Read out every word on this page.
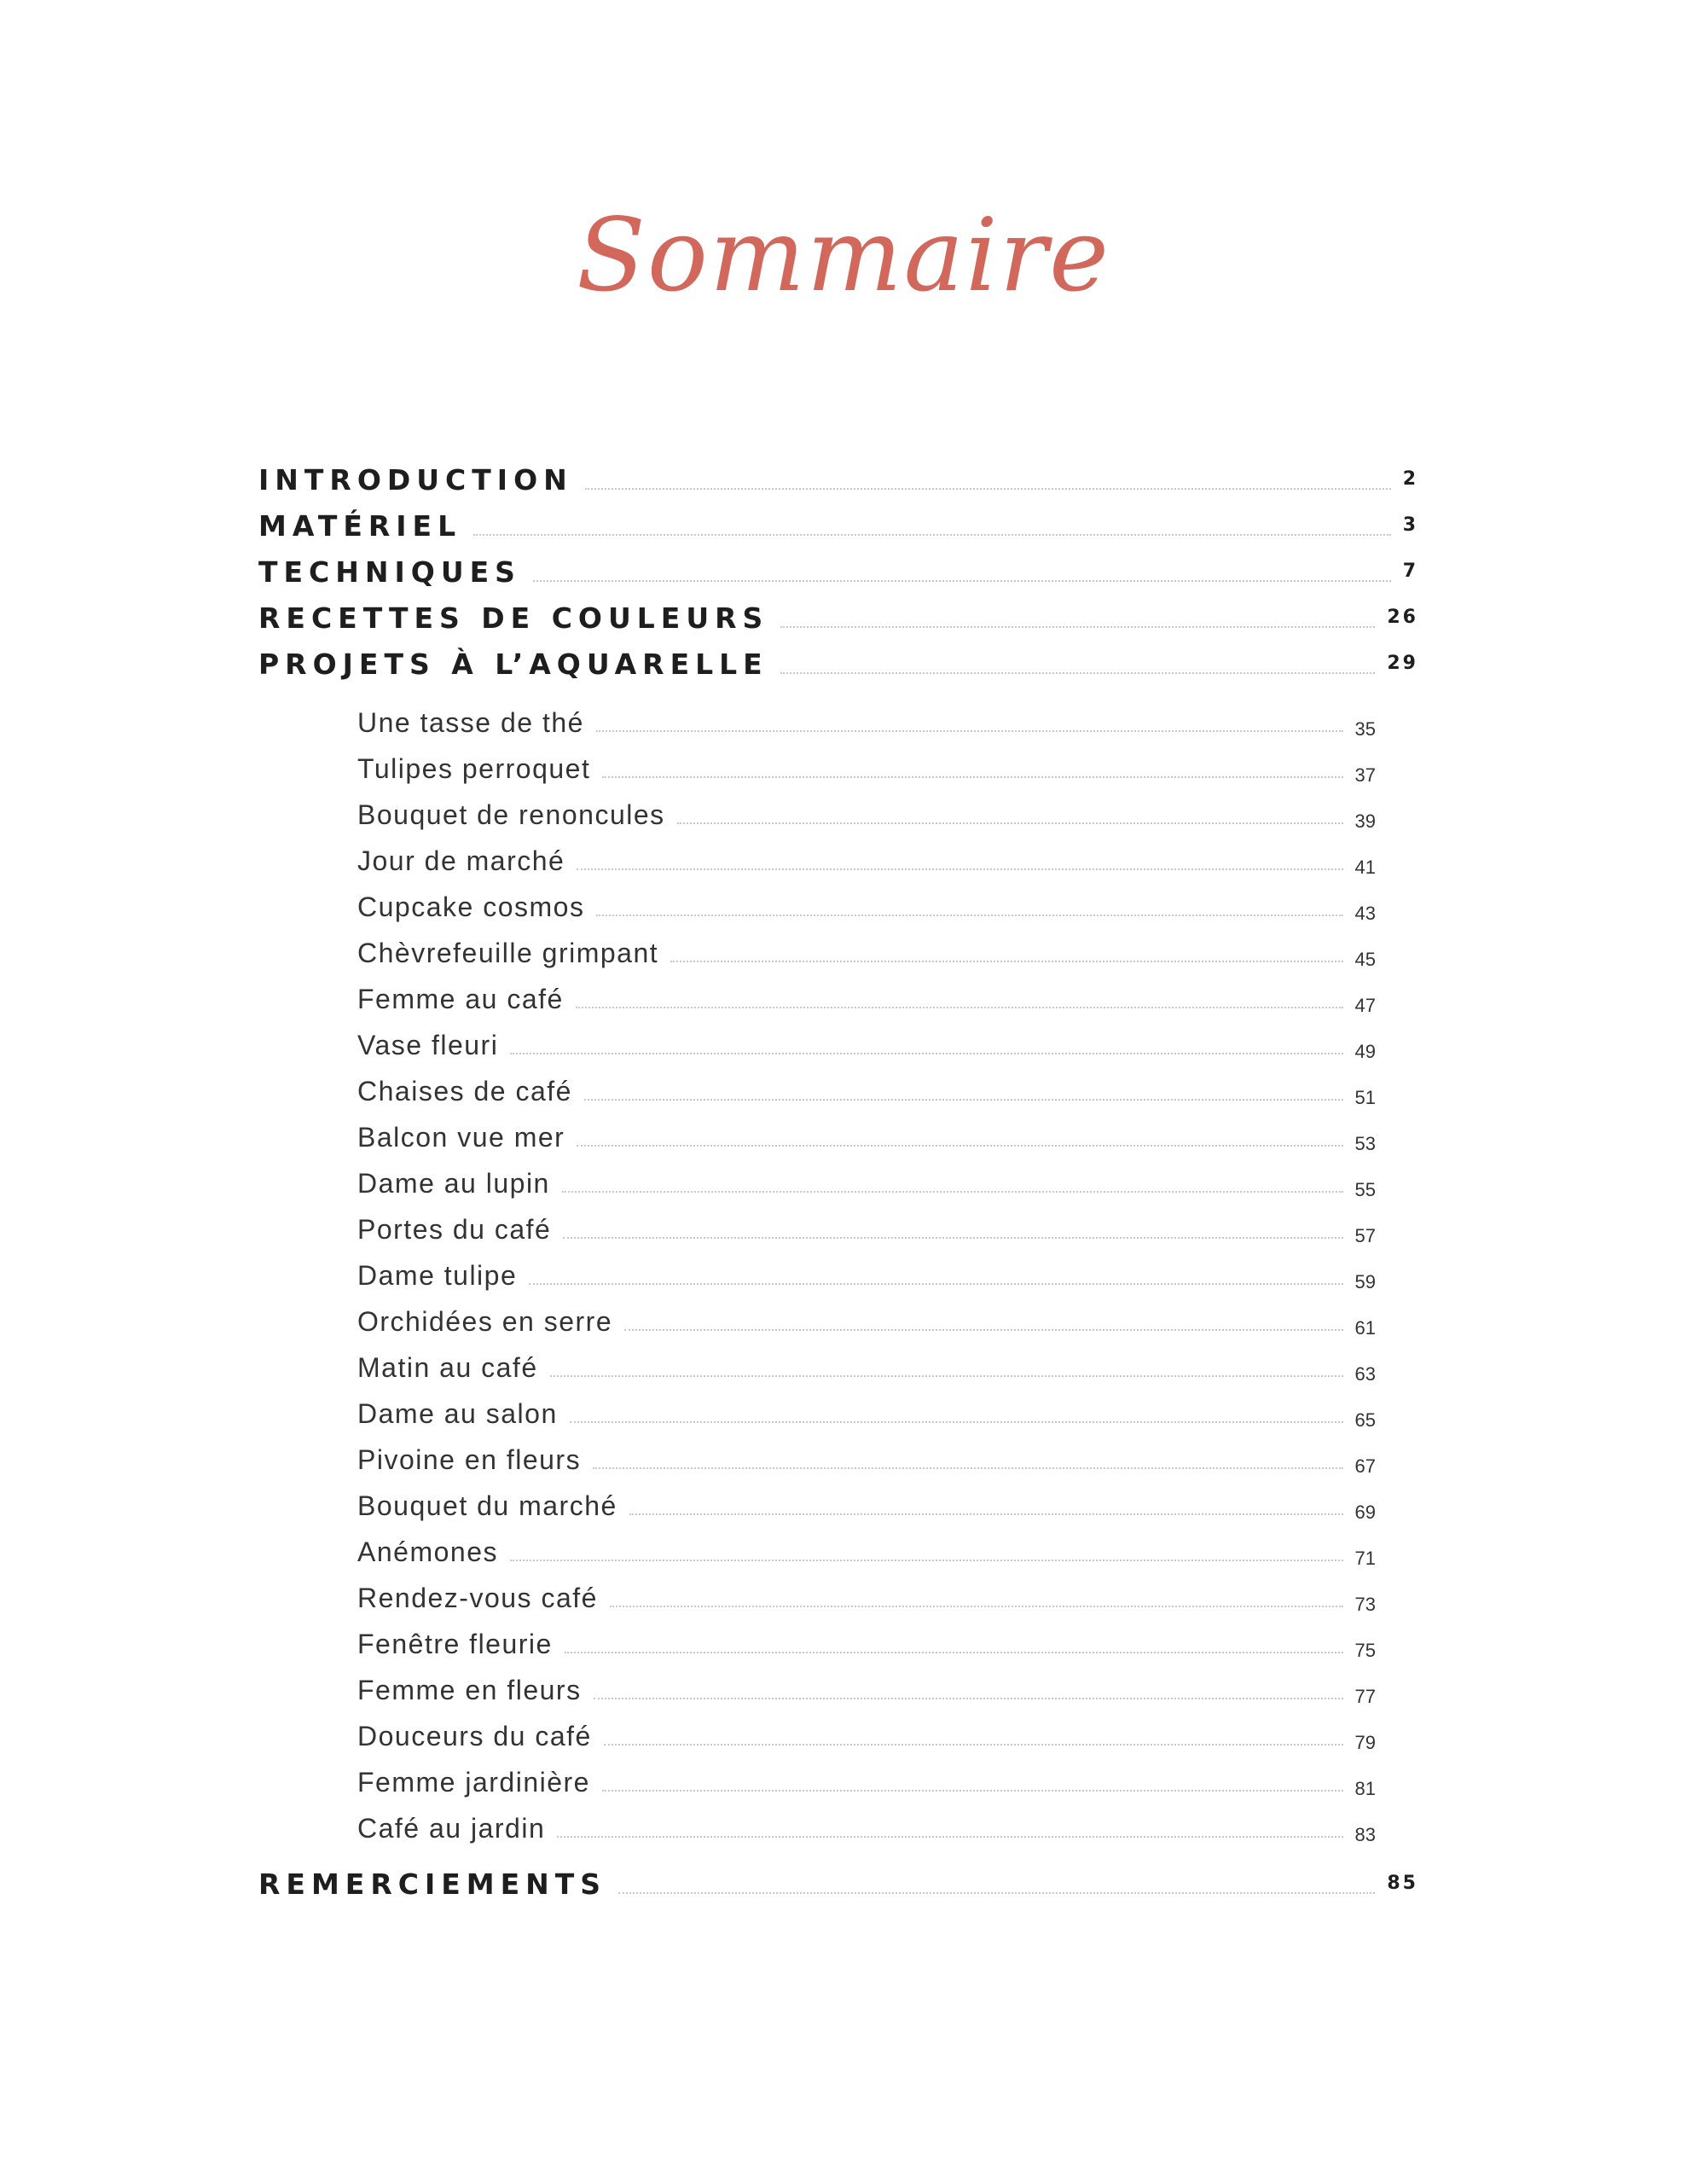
Sommaire
INTRODUCTION	2
MATÉRIEL	3
TECHNIQUES	7
RECETTES DE COULEURS	26
PROJETS À L’AQUARELLE	29
Une tasse de thé	35
Tulipes perroquet	37
Bouquet de renoncules	39
Jour de marché	41
Cupcake cosmos	43
Chèvrefeuille grimpant	45
Femme au café	47
Vase fleuri	49
Chaises de café	51
Balcon vue mer	53
Dame au lupin	55
Portes du café	57
Dame tulipe	59
Orchidées en serre	61
Matin au café	63
Dame au salon	65
Pivoine en fleurs	67
Bouquet du marché	69
Anémones	71
Rendez-vous café	73
Fenêtre fleurie	75
Femme en fleurs	77
Douceurs du café	79
Femme jardinière	81
Café au jardin	83
REMERCIEMENTS	85
